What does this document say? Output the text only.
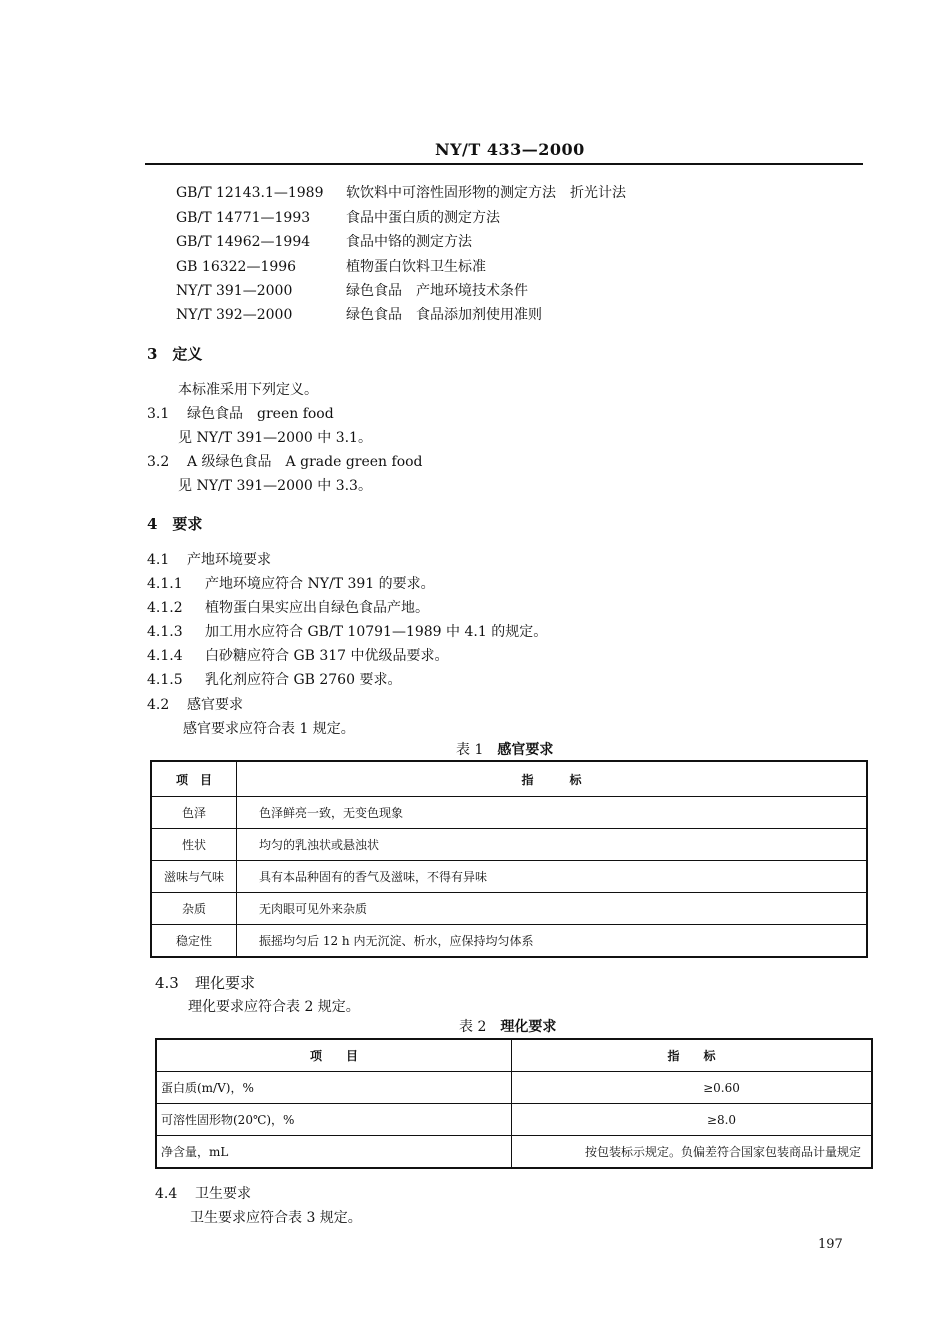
NY/T 433—2000
GB/T 12143.1—1989 软饮料中可溶性固形物的测定方法　折光计法
GB/T 14771—1993	食品中蛋白质的测定方法
GB/T 14962—1994	食品中铬的测定方法
GB 16322—1996	植物蛋白饮料卫生标准
NY/T 391—2000	绿色食品　产地环境技术条件
NY/T 392—2000	绿色食品　食品添加剂使用准则
3　定义
本标准采用下列定义。
3.1 绿色食品　green food
见 NY/T 391—2000 中 3.1。
3.2 A 级绿色食品　A grade green food
见 NY/T 391—2000 中 3.3。
4　要求
4.1 产地环境要求
4.1.1 产地环境应符合 NY/T 391 的要求。
4.1.2 植物蛋白果实应出自绿色食品产地。
4.1.3 加工用水应符合 GB/T 10791—1989 中 4.1 的规定。
4.1.4 白砂糖应符合 GB 317 中优级品要求。
4.1.5 乳化剂应符合 GB 2760 要求。
4.2 感官要求
感官要求应符合表 1 规定。
表 1 感官要求
项　目	指　　　标
色泽	色泽鲜亮一致，无变色现象
性状	均匀的乳浊状或悬浊状
滋味与气味	具有本品种固有的香气及滋味，不得有异味
杂质	无肉眼可见外来杂质
稳定性	振摇均匀后 12 h 内无沉淀、析水，应保持均匀体系
4.3 理化要求
理化要求应符合表 2 规定。
表 2 理化要求
项　　目	指　　标
蛋白质(m/V)，%	≥0.60
可溶性固形物(20℃)，%	≥8.0
净含量，mL	按包装标示规定。负偏差符合国家包装商品计量规定
4.4 卫生要求
卫生要求应符合表 3 规定。
197
